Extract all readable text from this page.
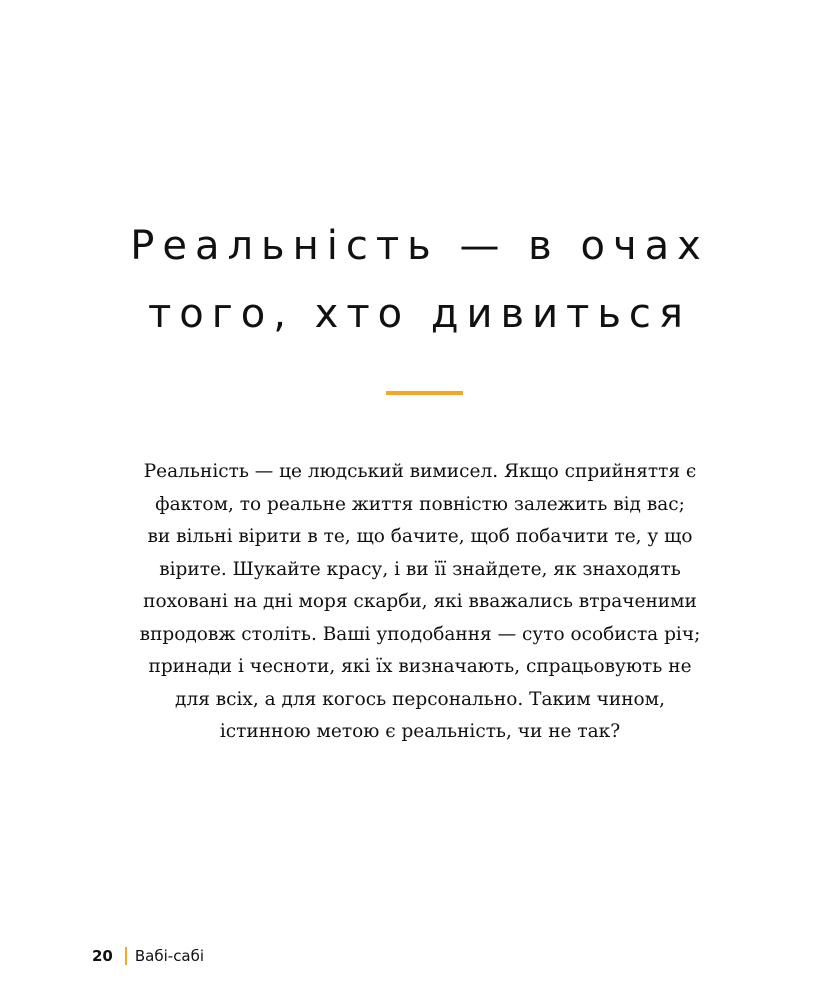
Реальність — в очах
того, хто дивиться
Реальність — це людський вимисел. Якщо сприйняття є
фактом, то реальне життя повністю залежить від вас;
ви вільні вірити в те, що бачите, щоб побачити те, у що
вірите. Шукайте красу, і ви її знайдете, як знаходять
поховані на дні моря скарби, які вважались втраченими
впродовж століть. Ваші уподобання — суто особиста річ;
принади і чесноти, які їх визначають, спрацьовують не
для всіх, а для когось персонально. Таким чином,
істинною метою є реальність, чи не так?
20 Вабі-сабі
